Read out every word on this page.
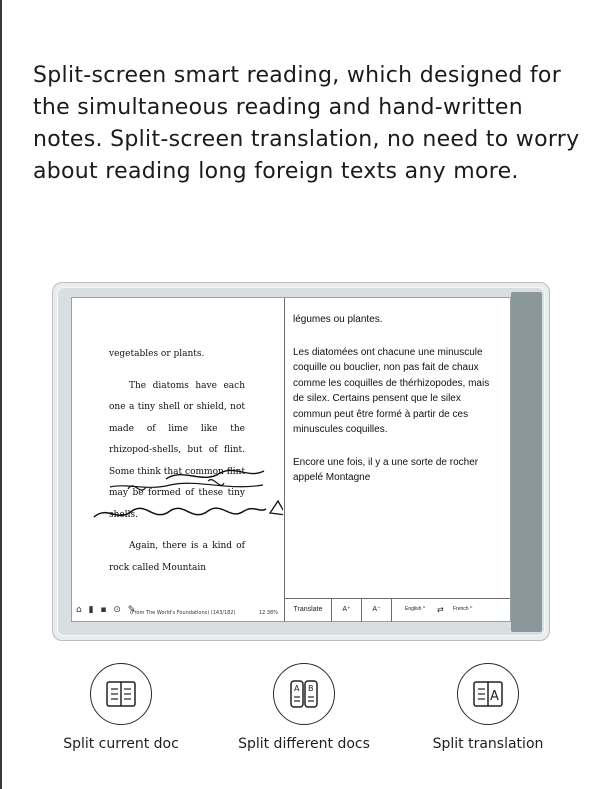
Split-screen smart reading, which designed for the simultaneous reading and hand-written notes. Split-screen translation, no need to worry about reading long foreign texts any more.

vegetables or plants.

The diatoms have each one a tiny shell or shield, not made of lime like the rhizopod-shells, but of flint. Some think that common flint may be formed of these tiny shells.

Again, there is a kind of rock called Mountain

⌂ ▮ ▪ ⊙ ✎
(From The World's Foundations) (143/182)	12.38%

légumes ou plantes.

Les diatomées ont chacune une minuscule coquille ou bouclier, non pas fait de chaux comme les coquilles de thérhizopodes, mais de silex. Certains pensent que le silex commun peut être formé à partir de ces minuscules coquilles.

Encore une fois, il y a une sorte de rocher appelé Montagne

Translate	A⁺	A⁻	English ^ ⇄ French ^
Split current doc
A B
Split different docs
A
Split translation
